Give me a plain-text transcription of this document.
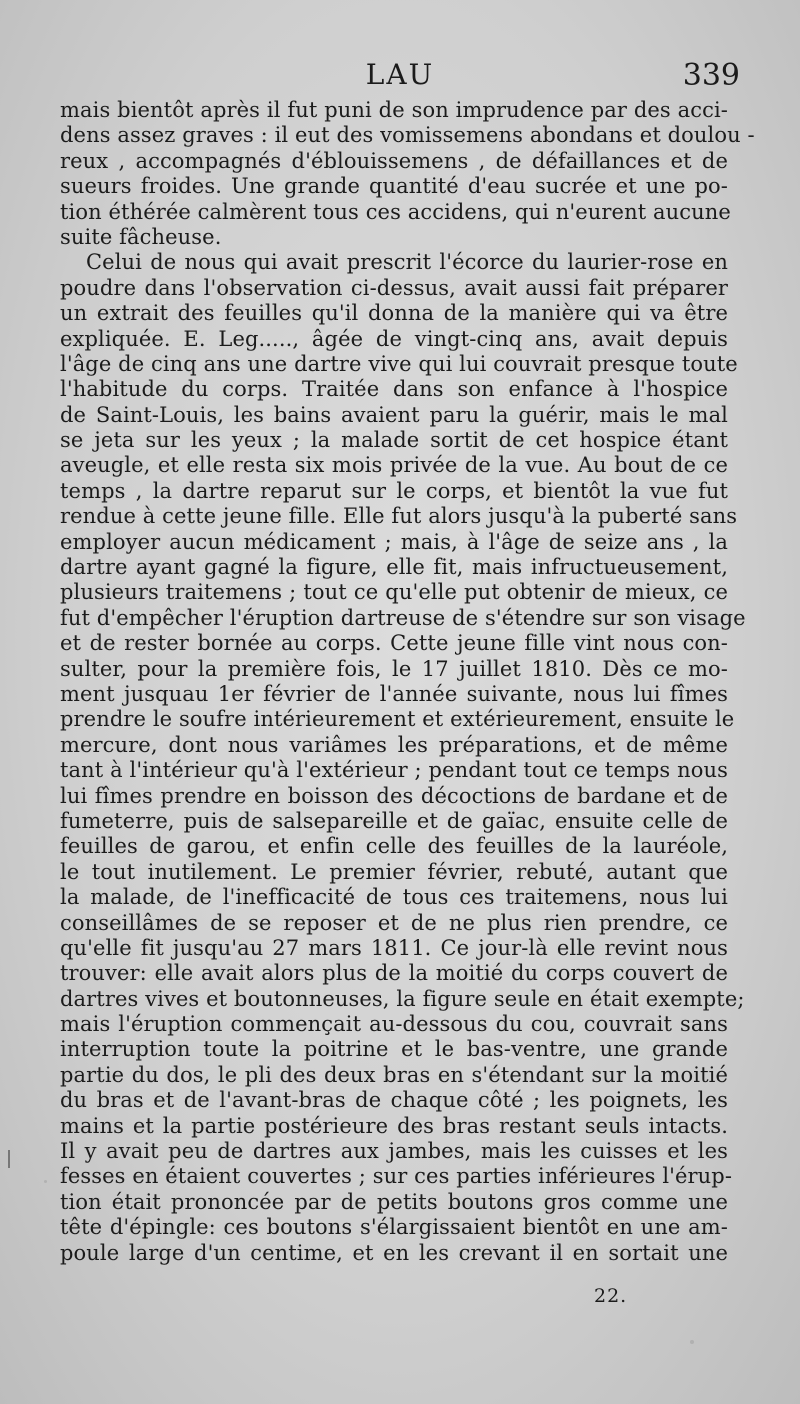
LAU	339
mais bientôt après il fut puni de son imprudence par des acci-
dens assez graves : il eut des vomissemens abondans et doulou -
reux , accompagnés d'éblouissemens , de défaillances et de
sueurs froides. Une grande quantité d'eau sucrée et une po-
tion éthérée calmèrent tous ces accidens, qui n'eurent aucune
suite fâcheuse.
Celui de nous qui avait prescrit l'écorce du laurier-rose en
poudre dans l'observation ci-dessus, avait aussi fait préparer
un extrait des feuilles qu'il donna de la manière qui va être
expliquée. E. Leg....., âgée de vingt-cinq ans, avait depuis
l'âge de cinq ans une dartre vive qui lui couvrait presque toute
l'habitude du corps. Traitée dans son enfance à l'hospice
de Saint-Louis, les bains avaient paru la guérir, mais le mal
se jeta sur les yeux ; la malade sortit de cet hospice étant
aveugle, et elle resta six mois privée de la vue. Au bout de ce
temps , la dartre reparut sur le corps, et bientôt la vue fut
rendue à cette jeune fille. Elle fut alors jusqu'à la puberté sans
employer aucun médicament ; mais, à l'âge de seize ans , la
dartre ayant gagné la figure, elle fit, mais infructueusement,
plusieurs traitemens ; tout ce qu'elle put obtenir de mieux, ce
fut d'empêcher l'éruption dartreuse de s'étendre sur son visage
et de rester bornée au corps. Cette jeune fille vint nous con-
sulter, pour la première fois, le 17 juillet 1810. Dès ce mo-
ment jusquau 1er février de l'année suivante, nous lui fîmes
prendre le soufre intérieurement et extérieurement, ensuite le
mercure, dont nous variâmes les préparations, et de même
tant à l'intérieur qu'à l'extérieur ; pendant tout ce temps nous
lui fîmes prendre en boisson des décoctions de bardane et de
fumeterre, puis de salsepareille et de gaïac, ensuite celle de
feuilles de garou, et enfin celle des feuilles de la lauréole,
le tout inutilement. Le premier février, rebuté, autant que
la malade, de l'inefficacité de tous ces traitemens, nous lui
conseillâmes de se reposer et de ne plus rien prendre, ce
qu'elle fit jusqu'au 27 mars 1811. Ce jour-là elle revint nous
trouver: elle avait alors plus de la moitié du corps couvert de
dartres vives et boutonneuses, la figure seule en était exempte;
mais l'éruption commençait au-dessous du cou, couvrait sans
interruption toute la poitrine et le bas-ventre, une grande
partie du dos, le pli des deux bras en s'étendant sur la moitié
du bras et de l'avant-bras de chaque côté ; les poignets, les
mains et la partie postérieure des bras restant seuls intacts.
Il y avait peu de dartres aux jambes, mais les cuisses et les
fesses en étaient couvertes ; sur ces parties inférieures l'érup-
tion était prononcée par de petits boutons gros comme une
tête d'épingle: ces boutons s'élargissaient bientôt en une am-
poule large d'un centime, et en les crevant il en sortait une
22.
